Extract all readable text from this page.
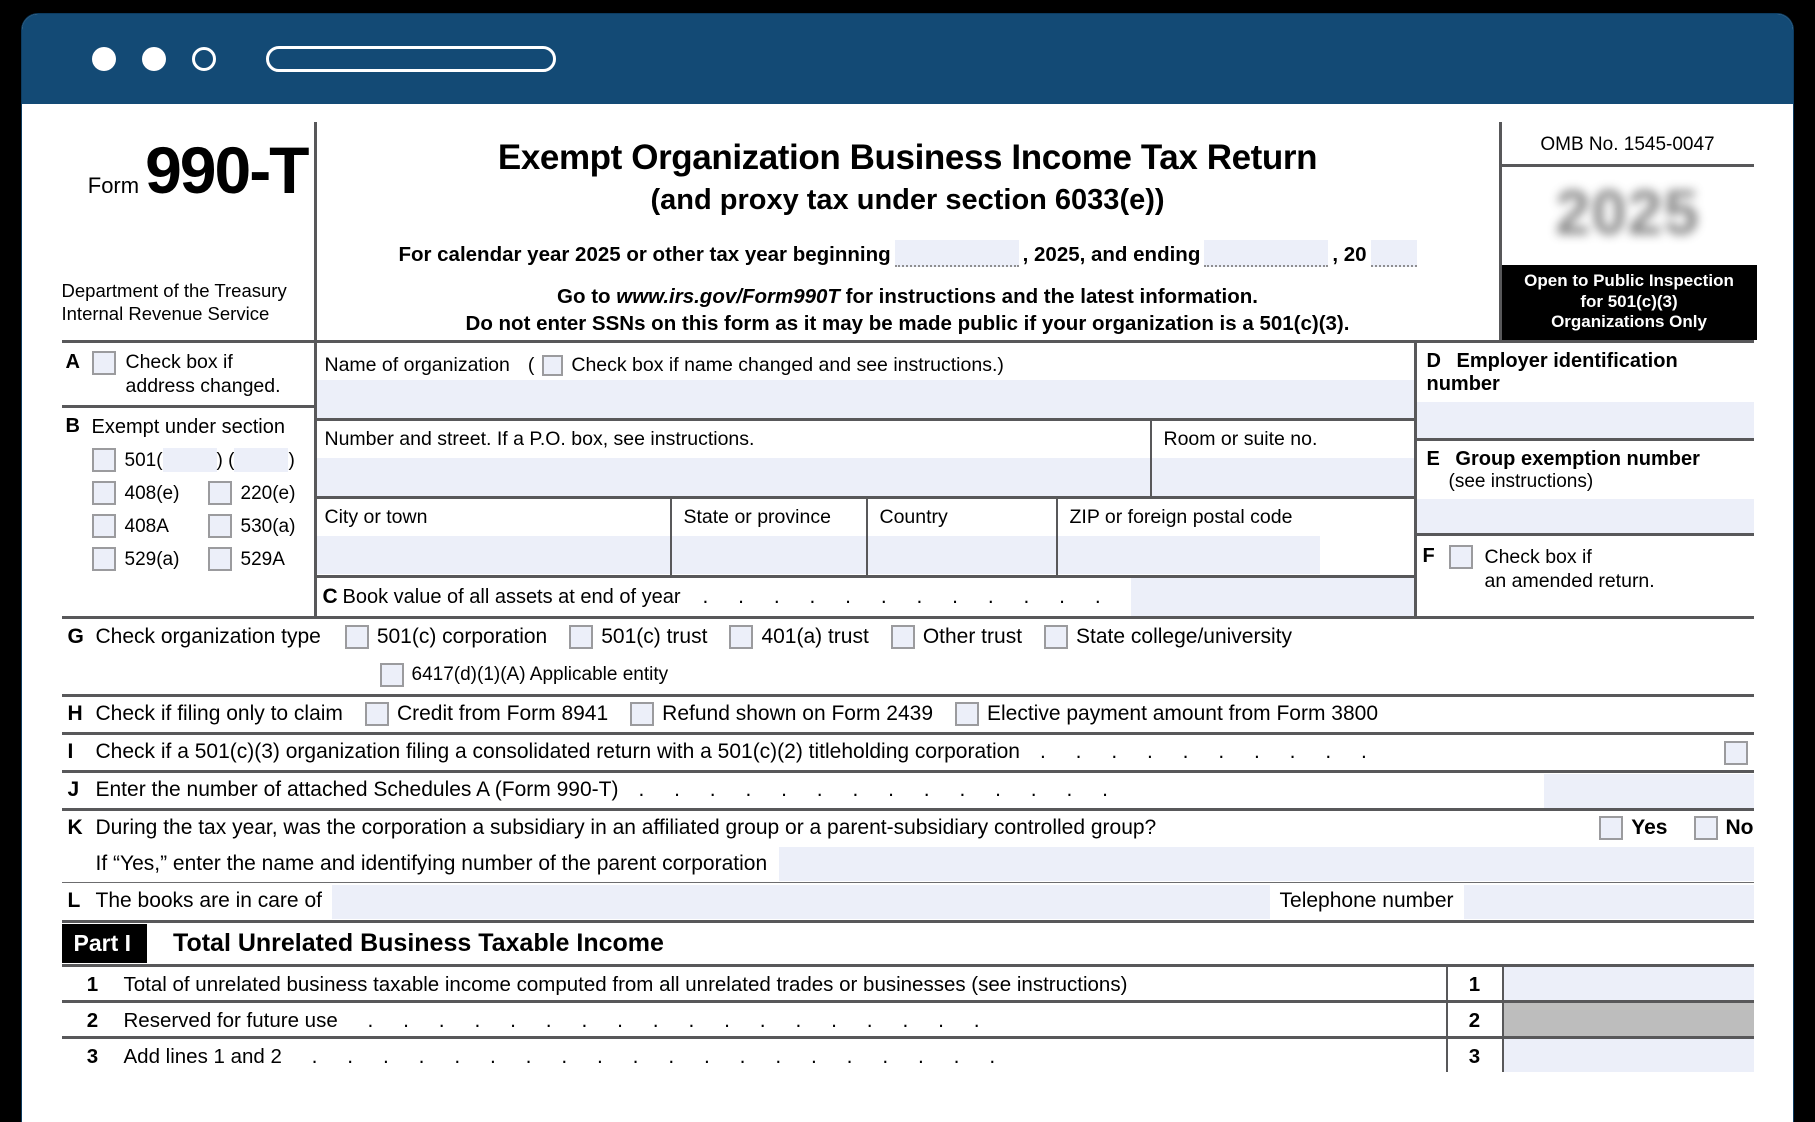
Form 990-T
Department of the Treasury
Internal Revenue Service
Exempt Organization Business Income Tax Return
(and proxy tax under section 6033(e))
For calendar year 2025 or other tax year beginning	, 2025, and ending	, 20
Go to www.irs.gov/Form990T for instructions and the latest information.
Do not enter SSNs on this form as it may be made public if your organization is a 501(c)(3).
OMB No. 1545-0047
2025
Open to Public Inspection
for 501(c)(3)
Organizations Only
A	Check box if
address changed.
B Exempt under section
501(	) (	)
408(e)	220(e)
408A	530(a)
529(a)	529A
Name of organization ( Check box if name changed and see instructions.)
Number and street. If a P.O. box, see instructions.	Room or suite no.
City or town	State or province	Country	ZIP or foreign postal code
C Book value of all assets at end of year . . . . . . . . . . . .
D Employer identification number
E Group exemption number
(see instructions)
F	Check box if
an amended return.
G Check organization type	501(c) corporation	501(c) trust	401(a) trust	Other trust	State college/university
6417(d)(1)(A) Applicable entity
H Check if filing only to claim	Credit from Form 8941	Refund shown on Form 2439	Elective payment amount from Form 3800
I	Check if a 501(c)(3) organization filing a consolidated return with a 501(c)(2) titleholding corporation . . . . . . . . . .
J Enter the number of attached Schedules A (Form 990-T) . . . . . . . . . . . . . .
K During the tax year, was the corporation a subsidiary in an affiliated group or a parent-subsidiary controlled group?	Yes	No
If “Yes,” enter the name and identifying number of the parent corporation
L The books are in care of	Telephone number
Part I	Total Unrelated Business Taxable Income
1	Total of unrelated business taxable income computed from all unrelated trades or businesses (see instructions)	1
2	Reserved for future use . . . . . . . . . . . . . . . . . .	2
3	Add lines 1 and 2 . . . . . . . . . . . . . . . . . . . .	3
